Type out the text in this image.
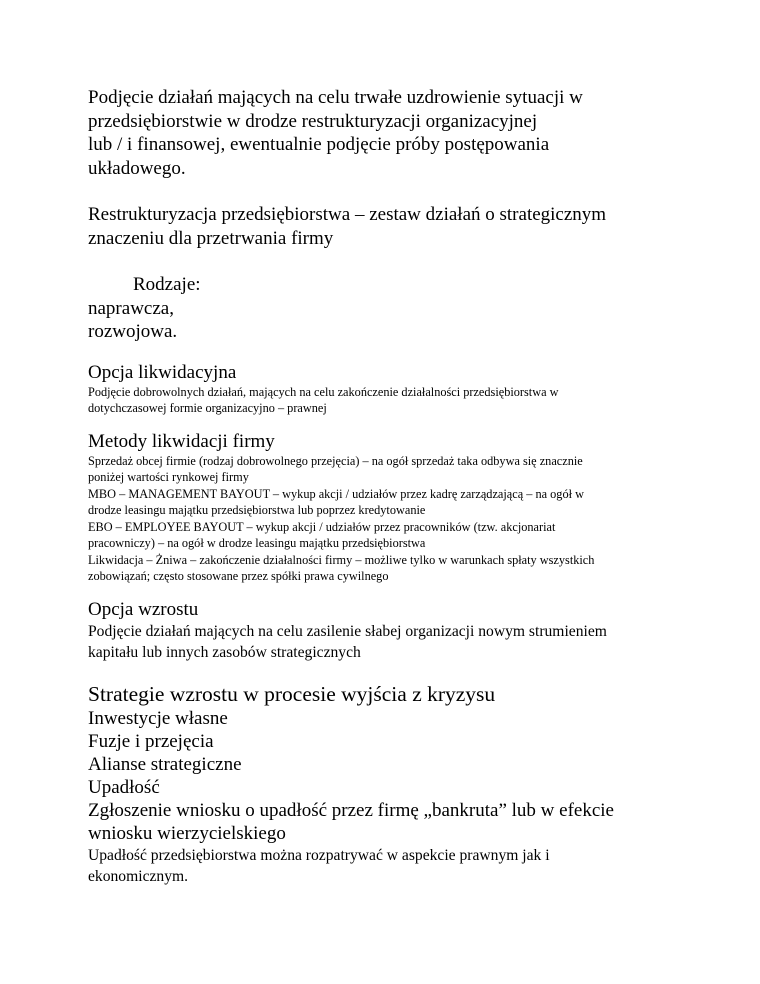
Podjęcie działań mających na celu trwałe uzdrowienie sytuacji w

przedsiębiorstwie w drodze restrukturyzacji organizacyjnej

lub / i finansowej, ewentualnie podjęcie próby postępowania

układowego.

Restrukturyzacja przedsiębiorstwa – zestaw działań o strategicznym

znaczeniu dla przetrwania firmy

Rodzaje:

naprawcza,

rozwojowa.

Opcja likwidacyjna

Podjęcie dobrowolnych działań, mających na celu zakończenie działalności przedsiębiorstwa w

dotychczasowej formie organizacyjno – prawnej

Metody likwidacji firmy

Sprzedaż obcej firmie (rodzaj dobrowolnego przejęcia) – na ogół sprzedaż taka odbywa się znacznie

poniżej wartości rynkowej firmy

MBO – MANAGEMENT BAYOUT – wykup akcji / udziałów przez kadrę zarządzającą – na ogół w

drodze leasingu majątku przedsiębiorstwa lub poprzez kredytowanie

EBO – EMPLOYEE BAYOUT – wykup akcji / udziałów przez pracowników (tzw. akcjonariat

pracowniczy) – na ogół w drodze leasingu majątku przedsiębiorstwa

Likwidacja – Żniwa – zakończenie działalności firmy – możliwe tylko w warunkach spłaty wszystkich

zobowiązań; często stosowane przez spółki prawa cywilnego

Opcja wzrostu

Podjęcie działań mających na celu zasilenie słabej organizacji nowym strumieniem

kapitału lub innych zasobów strategicznych

Strategie wzrostu w procesie wyjścia z kryzysu

Inwestycje własne

Fuzje i przejęcia

Alianse strategiczne

Upadłość

Zgłoszenie wniosku o upadłość przez firmę „bankruta” lub w efekcie

wniosku wierzycielskiego

Upadłość przedsiębiorstwa można rozpatrywać w aspekcie prawnym jak i

ekonomicznym.
